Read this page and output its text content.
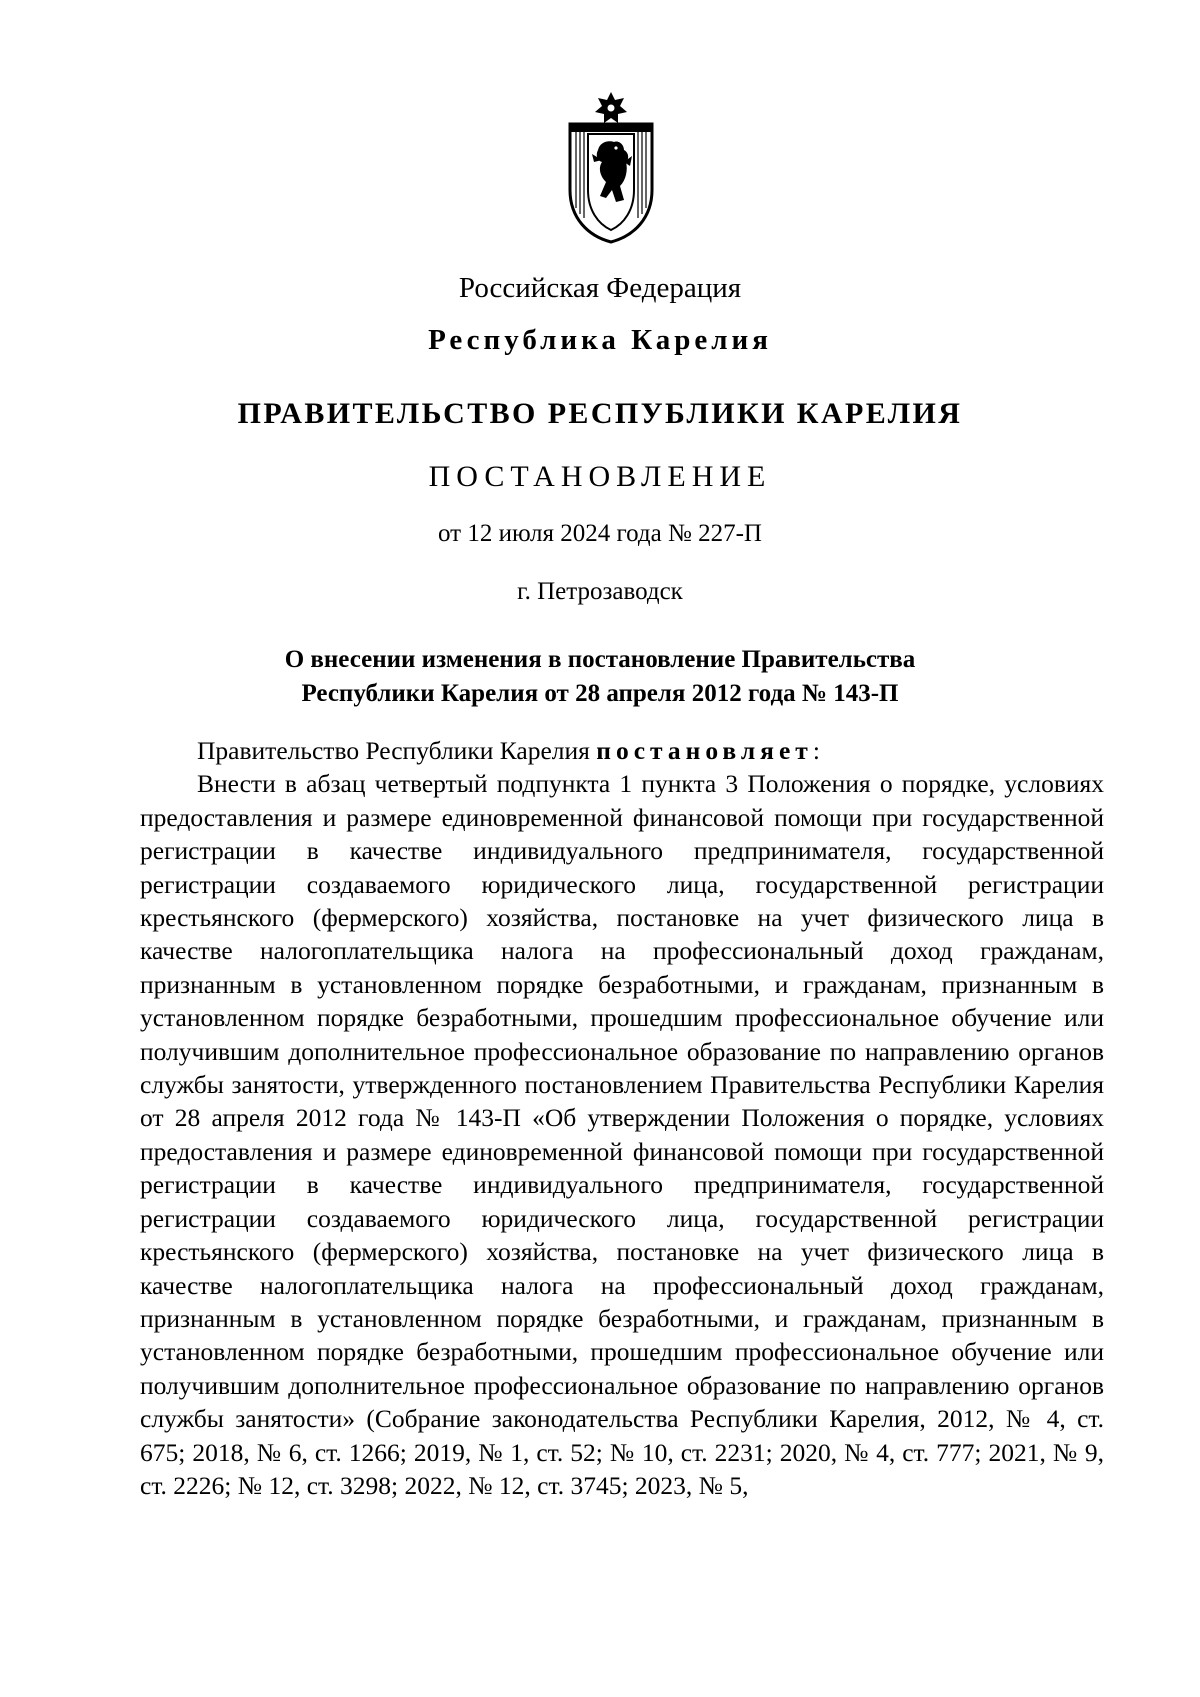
Российская Федерация
Республика Карелия
ПРАВИТЕЛЬСТВО РЕСПУБЛИКИ КАРЕЛИЯ
ПОСТАНОВЛЕНИЕ
от 12 июля 2024 года № 227-П
г. Петрозаводск
О внесении изменения в постановление Правительства
Республики Карелия от 28 апреля 2012 года № 143-П

Правительство Республики Карелия постановляет:

Внести в абзац четвертый подпункта 1 пункта 3 Положения о порядке, условиях предоставления и размере единовременной финансовой помощи при государственной регистрации в качестве индивидуального предпринимателя, государственной регистрации создаваемого юридического лица, государственной регистрации крестьянского (фермерского) хозяйства, постановке на учет физического лица в качестве налогоплательщика налога на профессиональный доход гражданам, признанным в установленном порядке безработными, и гражданам, признанным в установленном порядке безработными, прошедшим профессиональное обучение или получившим дополнительное профессиональное образование по направлению органов службы занятости, утвержденного постановлением Правительства Республики Карелия от 28 апреля 2012 года № 143-П «Об утверждении Положения о порядке, условиях предоставления и размере единовременной финансовой помощи при государственной регистрации в качестве индивидуального предпринимателя, государственной регистрации создаваемого юридического лица, государственной регистрации крестьянского (фермерского) хозяйства, постановке на учет физического лица в качестве налогоплательщика налога на профессиональный доход гражданам, признанным в установленном порядке безработными, и гражданам, признанным в установленном порядке безработными, прошедшим профессиональное обучение или получившим дополнительное профессиональное образование по направлению органов службы занятости» (Собрание законодательства Республики Карелия, 2012, № 4, ст. 675; 2018, № 6, ст. 1266; 2019, № 1, ст. 52; № 10, ст. 2231; 2020, № 4, ст. 777; 2021, № 9, ст. 2226; № 12, ст. 3298; 2022, № 12, ст. 3745; 2023, № 5,
